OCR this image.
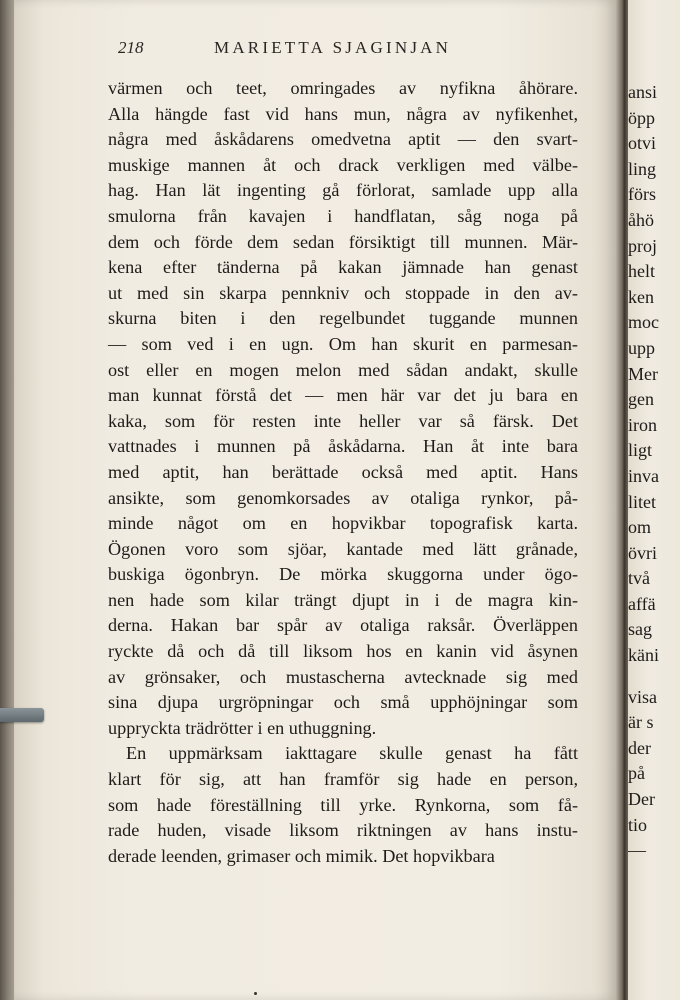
ansi
öpp
otvi
ling
förs
åhö
proj
helt
ken
moc
upp
Mer
gen
iron
ligt
inva
litet
om
övri
två
affä
sag
käni
visa
är s
der
på
Der
tio
—
218	MARIETTA SJAGINJAN
värmen och teet, omringades av nyfikna åhörare.
Alla hängde fast vid hans mun, några av nyfikenhet,
några med åskådarens omedvetna aptit — den svart-
muskige mannen åt och drack verkligen med välbe-
hag. Han lät ingenting gå förlorat, samlade upp alla
smulorna från kavajen i handflatan, såg noga på
dem och förde dem sedan försiktigt till munnen. Mär-
kena efter tänderna på kakan jämnade han genast
ut med sin skarpa pennkniv och stoppade in den av-
skurna biten i den regelbundet tuggande munnen
— som ved i en ugn. Om han skurit en parmesan-
ost eller en mogen melon med sådan andakt, skulle
man kunnat förstå det — men här var det ju bara en
kaka, som för resten inte heller var så färsk. Det
vattnades i munnen på åskådarna. Han åt inte bara
med aptit, han berättade också med aptit. Hans
ansikte, som genomkorsades av otaliga rynkor, på-
minde något om en hopvikbar topografisk karta.
Ögonen voro som sjöar, kantade med lätt grånade,
buskiga ögonbryn. De mörka skuggorna under ögo-
nen hade som kilar trängt djupt in i de magra kin-
derna. Hakan bar spår av otaliga raksår. Överläppen
ryckte då och då till liksom hos en kanin vid åsynen
av grönsaker, och mustascherna avtecknade sig med
sina djupa urgröpningar och små upphöjningar som
uppryckta trädrötter i en uthuggning.
En uppmärksam iakttagare skulle genast ha fått
klart för sig, att han framför sig hade en person,
som hade föreställning till yrke. Rynkorna, som få-
rade huden, visade liksom riktningen av hans instu-
derade leenden, grimaser och mimik. Det hopvikbara
